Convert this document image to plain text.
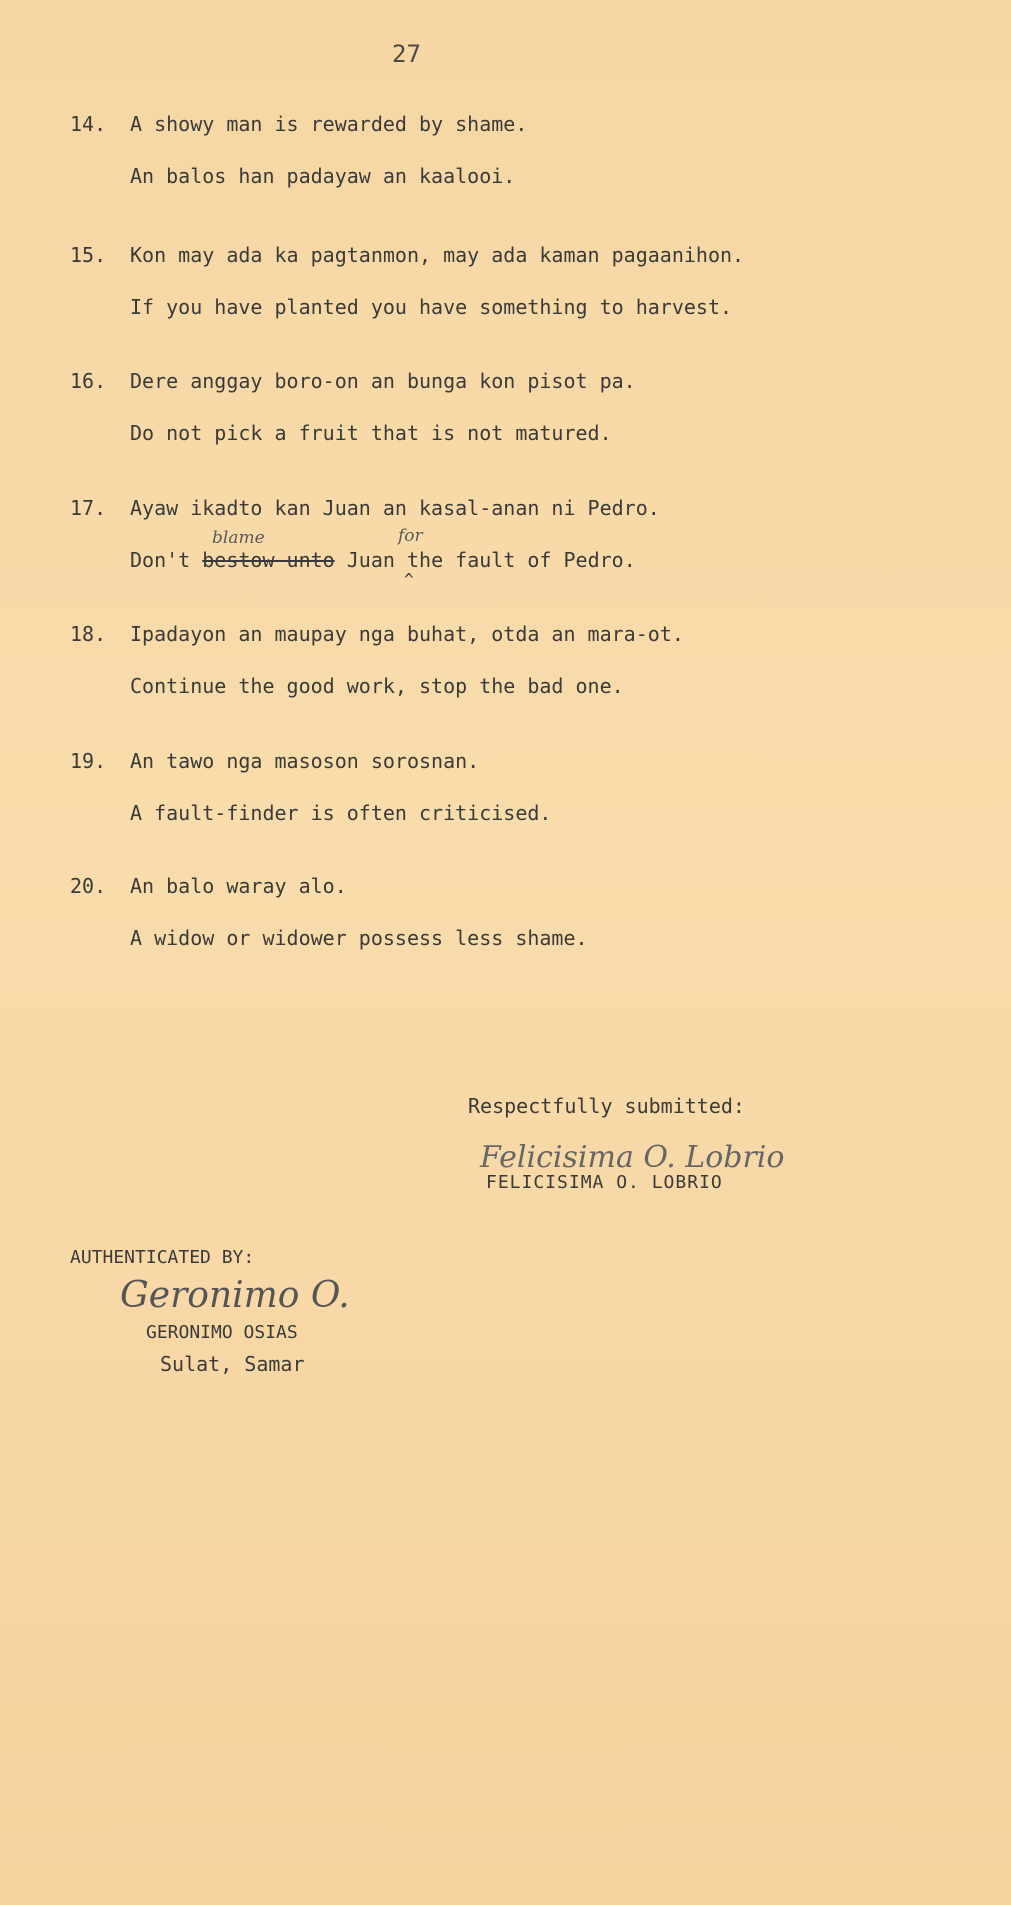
27
14. A showy man is rewarded by shame.
An balos han padayaw an kaalooi.
15. Kon may ada ka pagtanmon, may ada kaman pagaanihon.
If you have planted you have something to harvest.
16. Dere anggay boro-on an bunga kon pisot pa.
Do not pick a fruit that is not matured.
17. Ayaw ikadto kan Juan an kasal-anan ni Pedro.
blame	for
Don't bestow unto Juan the fault of Pedro.
^
18. Ipadayon an maupay nga buhat, otda an mara-ot.
Continue the good work, stop the bad one.
19. An tawo nga masoson sorosnan.
A fault-finder is often criticised.
20. An balo waray alo.
A widow or widower possess less shame.
Respectfully submitted:
Felicisima O. Lobrio
FELICISIMA O. LOBRIO
AUTHENTICATED BY:
Geronimo O.
GERONIMO OSIAS
Sulat, Samar
